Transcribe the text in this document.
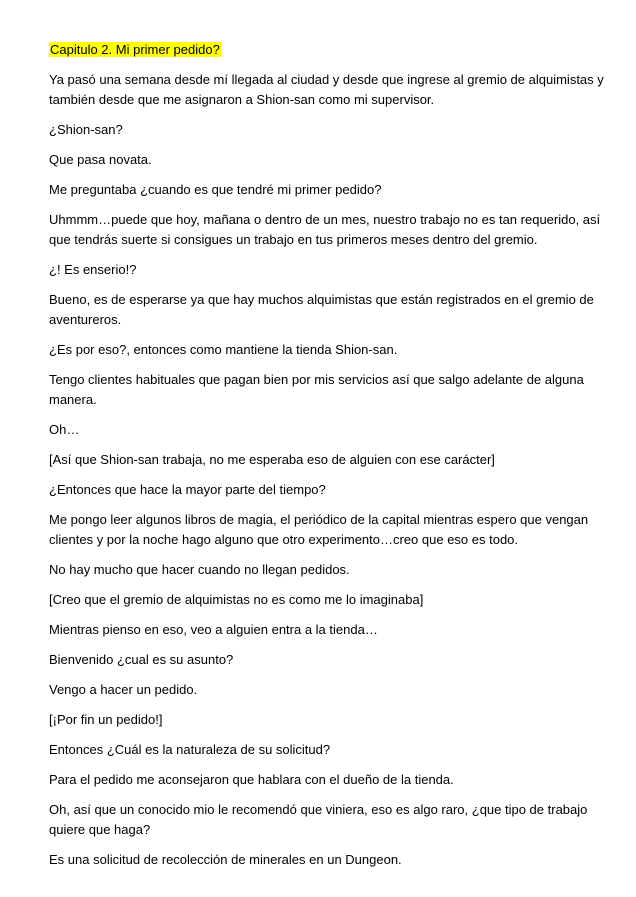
Capitulo 2. Mi primer pedido?

Ya pasó una semana desde mí llegada al ciudad y desde que ingrese al gremio de alquimistas y también desde que me asignaron a Shion-san como mi supervisor.

¿Shion-san?

Que pasa novata.

Me preguntaba ¿cuando es que tendré mi primer pedido?

Uhmmm…puede que hoy, mañana o dentro de un mes, nuestro trabajo no es tan requerido, así que tendrás suerte si consigues un trabajo en tus primeros meses dentro del gremio.

¿! Es enserio!?

Bueno, es de esperarse ya que hay muchos alquimistas que están registrados en el gremio de aventureros.

¿Es por eso?, entonces como mantiene la tienda Shion-san.

Tengo clientes habituales que pagan bien por mis servicios así que salgo adelante de alguna manera.

Oh…

[Así que Shion-san trabaja, no me esperaba eso de alguien con ese carácter]

¿Entonces que hace la mayor parte del tiempo?

Me pongo leer algunos libros de magia, el periódico de la capital mientras espero que vengan clientes y por la noche hago alguno que otro experimento…creo que eso es todo.

No hay mucho que hacer cuando no llegan pedidos.

[Creo que el gremio de alquimistas no es como me lo imaginaba]

Mientras pienso en eso, veo a alguien entra a la tienda…

Bienvenido ¿cual es su asunto?

Vengo a hacer un pedido.

[¡Por fin un pedido!]

Entonces ¿Cuál es la naturaleza de su solicitud?

Para el pedido me aconsejaron que hablara con el dueño de la tienda.

Oh, así que un conocido mio le recomendó que viniera, eso es algo raro, ¿que tipo de trabajo quiere que haga?

Es una solicitud de recolección de minerales en un Dungeon.
